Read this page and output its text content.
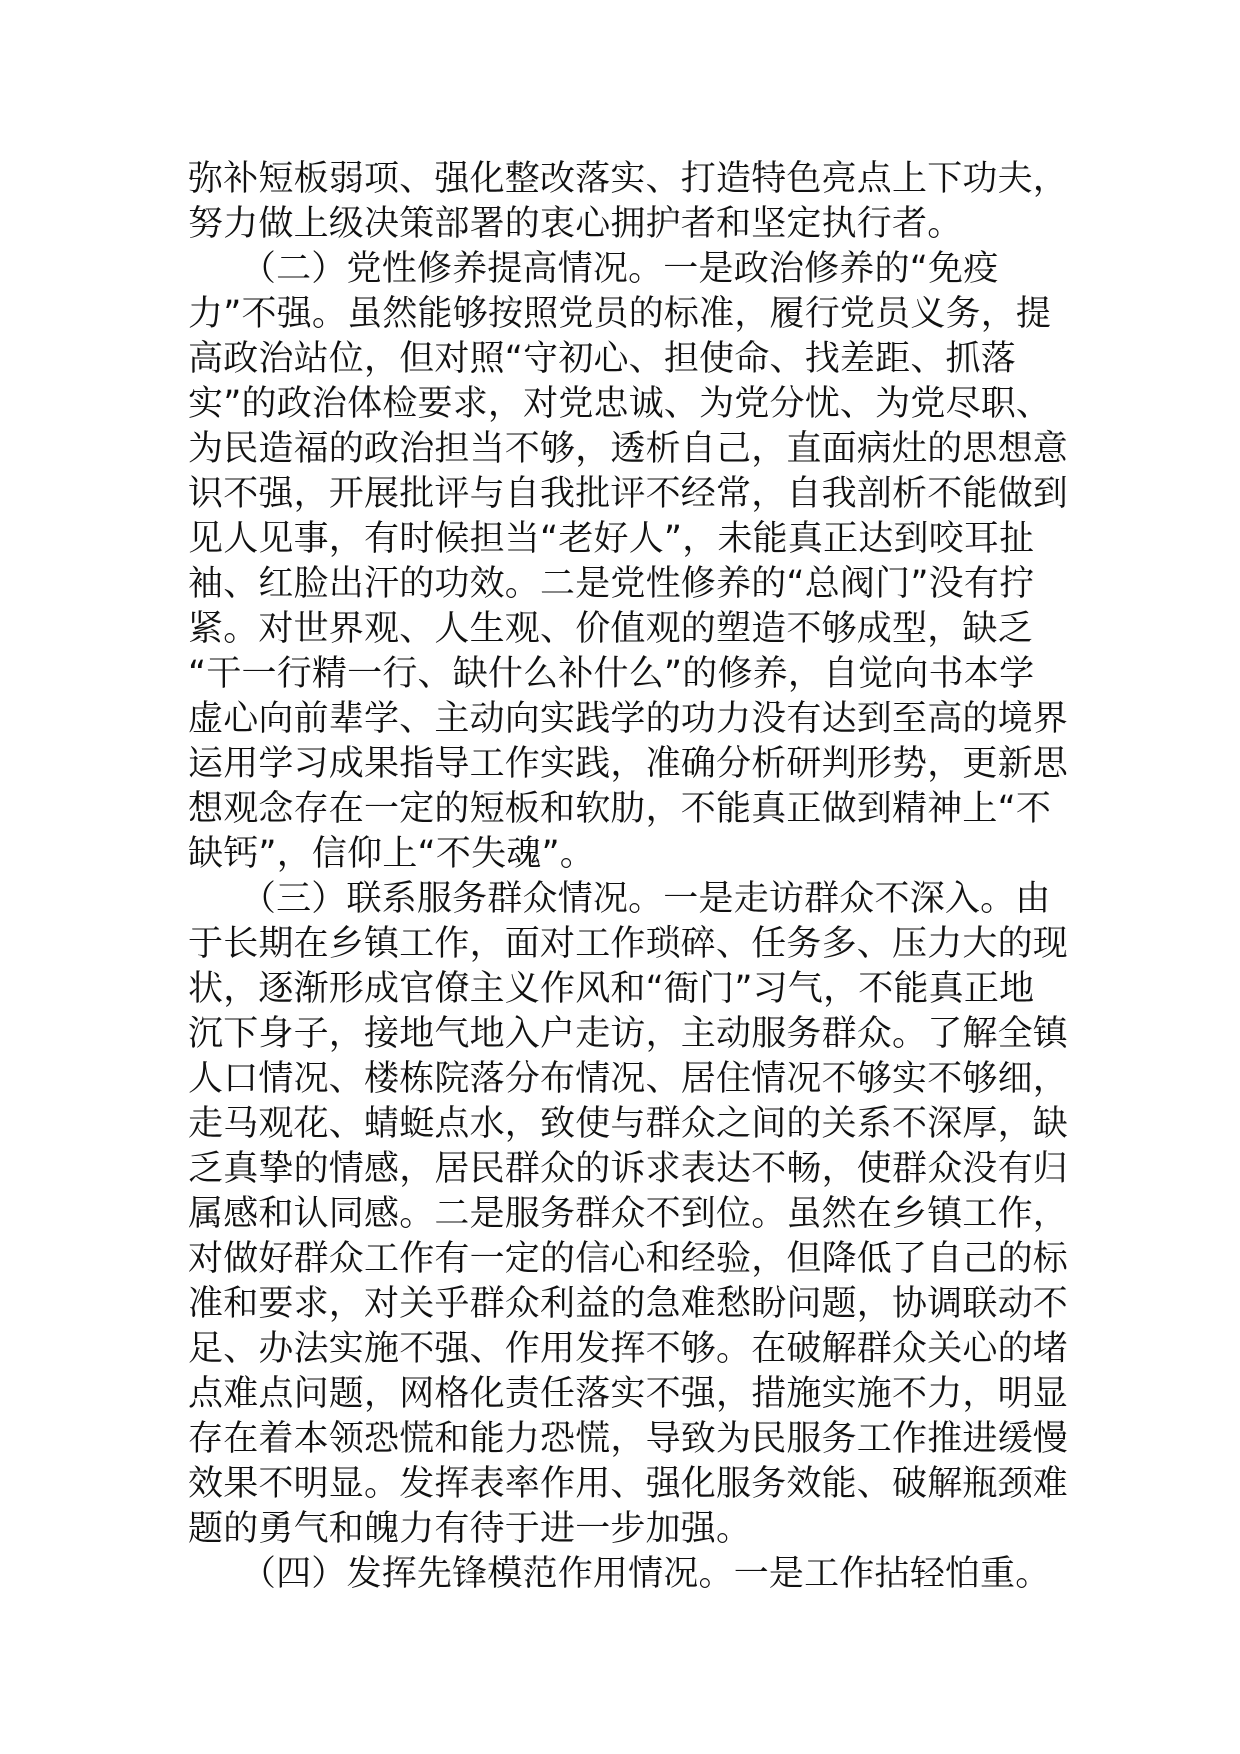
弥补短板弱项、强化整改落实、打造特色亮点上下功夫，
努力做上级决策部署的衷心拥护者和坚定执行者。
　　（二）党性修养提高情况。一是政治修养的“免疫
力”不强。虽然能够按照党员的标准，履行党员义务，提
高政治站位，但对照“守初心、担使命、找差距、抓落
实”的政治体检要求，对党忠诚、为党分忧、为党尽职、
为民造福的政治担当不够，透析自己，直面病灶的思想意
识不强，开展批评与自我批评不经常，自我剖析不能做到
见人见事，有时候担当“老好人”，未能真正达到咬耳扯
袖、红脸出汗的功效。二是党性修养的“总阀门”没有拧
紧。对世界观、人生观、价值观的塑造不够成型，缺乏
“干一行精一行、缺什么补什么”的修养，自觉向书本学
虚心向前辈学、主动向实践学的功力没有达到至高的境界
运用学习成果指导工作实践，准确分析研判形势，更新思
想观念存在一定的短板和软肋，不能真正做到精神上“不
缺钙”，信仰上“不失魂”。
　　（三）联系服务群众情况。一是走访群众不深入。由
于长期在乡镇工作，面对工作琐碎、任务多、压力大的现
状，逐渐形成官僚主义作风和“衙门”习气，不能真正地
沉下身子，接地气地入户走访，主动服务群众。了解全镇
人口情况、楼栋院落分布情况、居住情况不够实不够细，
走马观花、蜻蜓点水，致使与群众之间的关系不深厚，缺
乏真挚的情感，居民群众的诉求表达不畅，使群众没有归
属感和认同感。二是服务群众不到位。虽然在乡镇工作，
对做好群众工作有一定的信心和经验，但降低了自己的标
准和要求，对关乎群众利益的急难愁盼问题，协调联动不
足、办法实施不强、作用发挥不够。在破解群众关心的堵
点难点问题，网格化责任落实不强，措施实施不力，明显
存在着本领恐慌和能力恐慌，导致为民服务工作推进缓慢
效果不明显。发挥表率作用、强化服务效能、破解瓶颈难
题的勇气和魄力有待于进一步加强。
　　（四）发挥先锋模范作用情况。一是工作拈轻怕重。
